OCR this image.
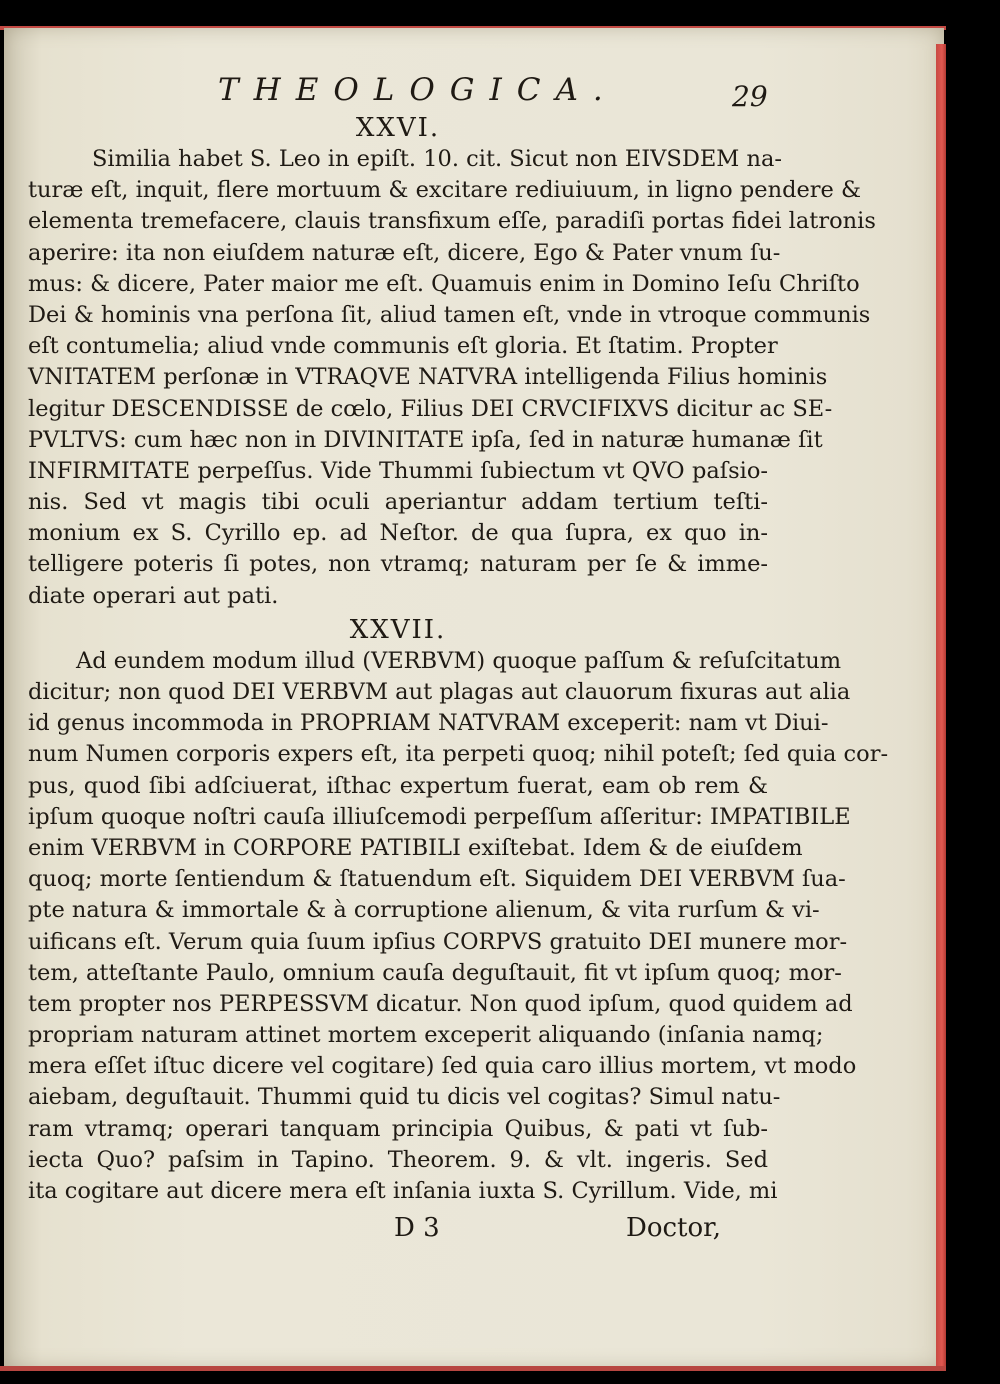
THEOLOGICA.	29
XXVI.
Similia habet S. Leo in epiſt. 10. cit. Sicut non EIVSDEM na-
turæ eſt, inquit, flere mortuum & excitare rediuiuum, in ligno pendere &
elementa tremefacere, clauis transfixum eſſe, paradiſi portas fidei latronis
aperire: ita non eiuſdem naturæ eſt, dicere, Ego & Pater vnum ſu-
mus: & dicere, Pater maior me eſt. Quamuis enim in Domino Ieſu Chriſto
Dei & hominis vna perſona ſit, aliud tamen eſt, vnde in vtroque communis
eſt contumelia; aliud vnde communis eſt gloria. Et ſtatim. Propter
VNITATEM perſonæ in VTRAQVE NATVRA intelligenda Filius hominis
legitur DESCENDISSE de cœlo, Filius DEI CRVCIFIXVS dicitur ac SE-
PVLTVS: cum hæc non in DIVINITATE ipſa, ſed in naturæ humanæ ſit
INFIRMITATE perpeſſus. Vide Thummi ſubiectum vt QVO paſsio-
nis. Sed vt magis tibi oculi aperiantur addam tertium teſti-
monium ex S. Cyrillo ep. ad Neſtor. de qua ſupra, ex quo in-
telligere poteris ſi potes, non vtramq; naturam per ſe & imme-
diate operari aut pati.
XXVII.
Ad eundem modum illud (VERBVM) quoque paſſum & reſuſcitatum
dicitur; non quod DEI VERBVM aut plagas aut clauorum fixuras aut alia
id genus incommoda in PROPRIAM NATVRAM exceperit: nam vt Diui-
num Numen corporis expers eſt, ita perpeti quoq; nihil poteſt; ſed quia cor-
pus, quod ſibi adſciuerat, iſthac expertum fuerat, eam ob rem &
ipſum quoque noſtri cauſa illiuſcemodi perpeſſum aſſeritur: IMPATIBILE
enim VERBVM in CORPORE PATIBILI exiſtebat. Idem & de eiuſdem
quoq; morte ſentiendum & ſtatuendum eſt. Siquidem DEI VERBVM ſua-
pte natura & immortale & à corruptione alienum, & vita rurſum & vi-
uificans eſt. Verum quia ſuum ipſius CORPVS gratuito DEI munere mor-
tem, atteſtante Paulo, omnium cauſa deguſtauit, fit vt ipſum quoq; mor-
tem propter nos PERPESSVM dicatur. Non quod ipſum, quod quidem ad
propriam naturam attinet mortem exceperit aliquando (inſania namq;
mera eſſet iſtuc dicere vel cogitare) ſed quia caro illius mortem, vt modo
aiebam, deguſtauit. Thummi quid tu dicis vel cogitas? Simul natu-
ram vtramq; operari tanquam principia Quibus, & pati vt ſub-
iecta Quo? paſsim in Tapino. Theorem. 9. & vlt. ingeris. Sed
ita cogitare aut dicere mera eſt inſania iuxta S. Cyrillum. Vide, mi
D 3	Doctor,
